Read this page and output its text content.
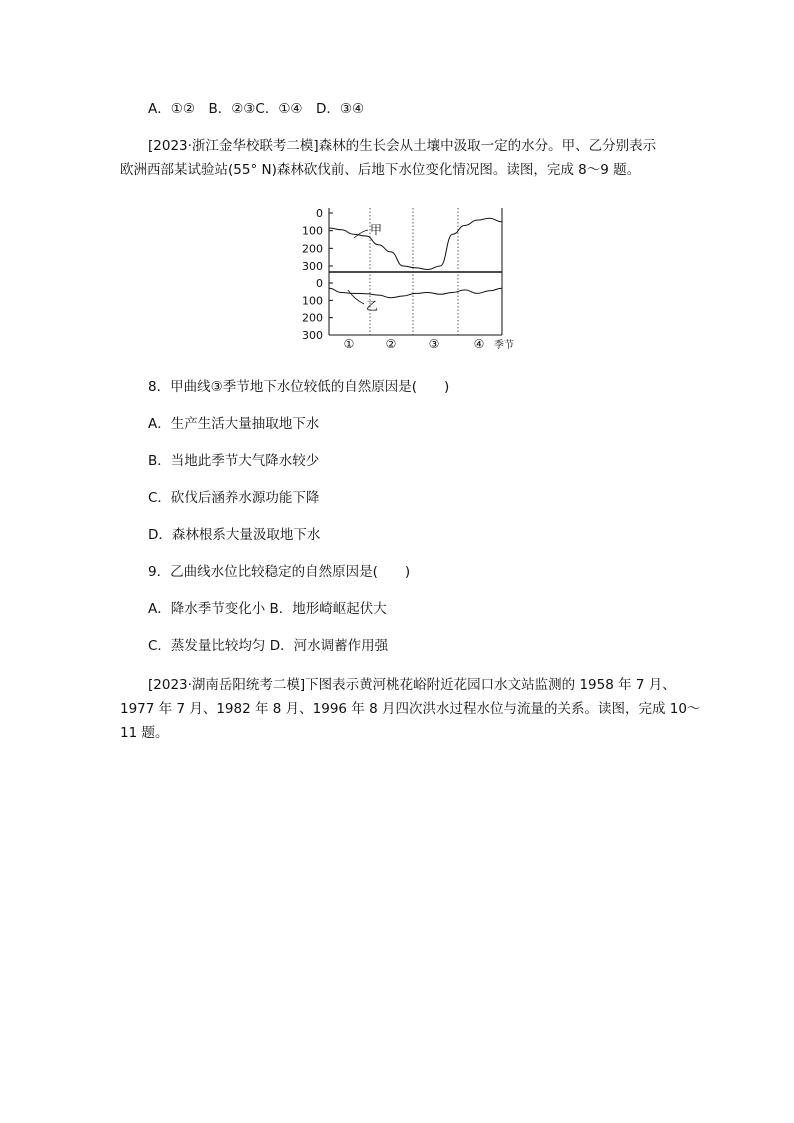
A．①②　B．②③C．①④　D．③④
[2023·浙江金华校联考二模]森林的生长会从土壤中汲取一定的水分。甲、乙分别表示
欧洲西部某试验站(55° N)森林砍伐前、后地下水位变化情况图。读图，完成 8～9 题。
0
100
200
300
0
100
200
300
①	②	③	④ 季节
甲
乙
8．甲曲线③季节地下水位较低的自然原因是(　　)
A．生产生活大量抽取地下水
B．当地此季节大气降水较少
C．砍伐后涵养水源功能下降
D．森林根系大量汲取地下水
9．乙曲线水位比较稳定的自然原因是(　　)
A．降水季节变化小 B．地形崎岖起伏大
C．蒸发量比较均匀 D．河水调蓄作用强
[2023·湖南岳阳统考二模]下图表示黄河桃花峪附近花园口水文站监测的 1958 年 7 月、
1977 年 7 月、1982 年 8 月、1996 年 8 月四次洪水过程水位与流量的关系。读图，完成 10～
11 题。
